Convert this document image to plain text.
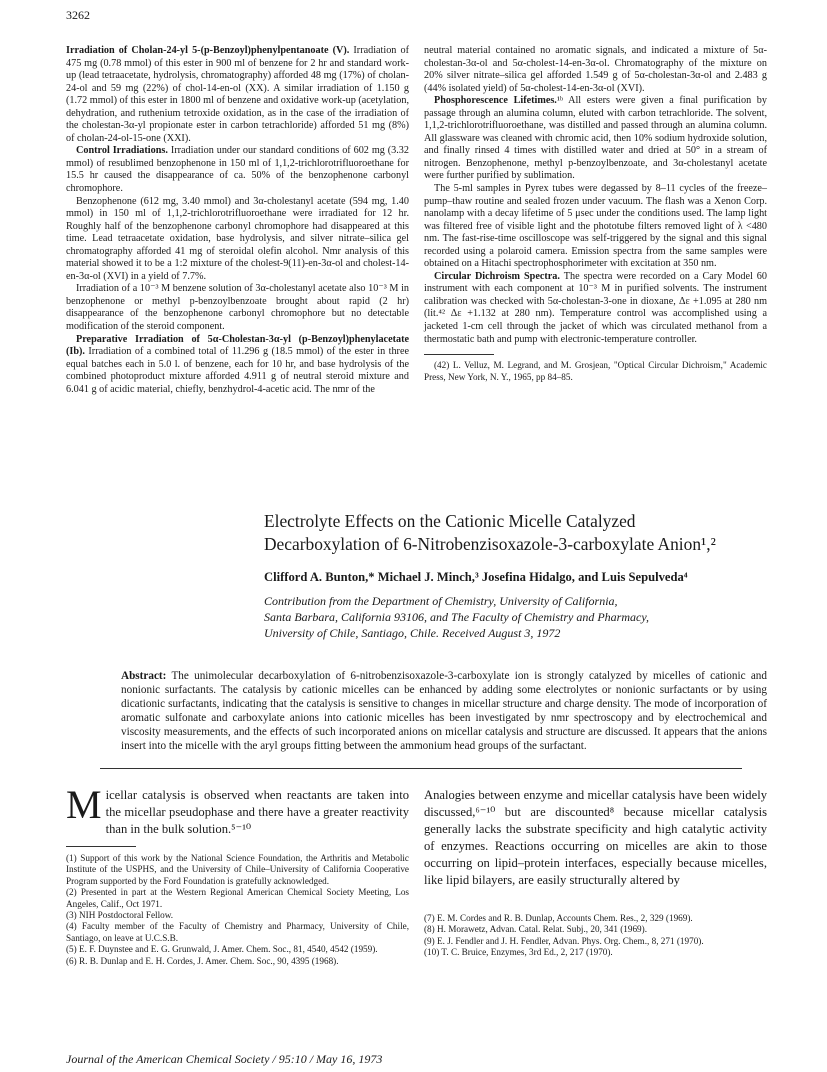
3262

Irradiation of Cholan-24-yl 5-(p-Benzoyl)phenylpentanoate (V). Irradiation of 475 mg (0.78 mmol) of this ester in 900 ml of benzene for 2 hr and standard work-up (lead tetraacetate, hydrolysis, chromatography) afforded 48 mg (17%) of cholan-24-ol and 59 mg (22%) of chol-14-en-ol (XX). A similar irradiation of 1.150 g (1.72 mmol) of this ester in 1800 ml of benzene and oxidative work-up (acetylation, dehydration, and ruthenium tetroxide oxidation, as in the case of the irradiation of the cholestan-3α-yl propionate ester in carbon tetrachloride) afforded 51 mg (8%) of cholan-24-ol-15-one (XXI).

Control Irradiations. Irradiation under our standard conditions of 602 mg (3.32 mmol) of resublimed benzophenone in 150 ml of 1,1,2-trichlorotrifluoroethane for 15.5 hr caused the disappearance of ca. 50% of the benzophenone carbonyl chromophore.

Benzophenone (612 mg, 3.40 mmol) and 3α-cholestanyl acetate (594 mg, 1.40 mmol) in 150 ml of 1,1,2-trichlorotrifluoroethane were irradiated for 12 hr. Roughly half of the benzophenone carbonyl chromophore had disappeared at this time. Lead tetraacetate oxidation, base hydrolysis, and silver nitrate–silica gel chromatography afforded 41 mg of steroidal olefin alcohol. Nmr analysis of this material showed it to be a 1:2 mixture of the cholest-9(11)-en-3α-ol and cholest-14-en-3α-ol (XVI) in a yield of 7.7%.

Irradiation of a 10⁻³ M benzene solution of 3α-cholestanyl acetate also 10⁻³ M in benzophenone or methyl p-benzoylbenzoate brought about rapid (2 hr) disappearance of the benzophenone carbonyl chromophore but no detectable modification of the steroid component.

Preparative Irradiation of 5α-Cholestan-3α-yl (p-Benzoyl)phenylacetate (Ib). Irradiation of a combined total of 11.296 g (18.5 mmol) of the ester in three equal batches each in 5.0 l. of benzene, each for 10 hr, and base hydrolysis of the combined photoproduct mixture afforded 4.911 g of neutral steroid mixture and 6.041 g of acidic material, chiefly, benzhydrol-4-acetic acid. The nmr of the

neutral material contained no aromatic signals, and indicated a mixture of 5α-cholestan-3α-ol and 5α-cholest-14-en-3α-ol. Chromatography of the mixture on 20% silver nitrate–silica gel afforded 1.549 g of 5α-cholestan-3α-ol and 2.483 g (44% isolated yield) of 5α-cholest-14-en-3α-ol (XVI).

Phosphorescence Lifetimes.¹ᵇ All esters were given a final purification by passage through an alumina column, eluted with carbon tetrachloride. The solvent, 1,1,2-trichlorotrifluoroethane, was distilled and passed through an alumina column. All glassware was cleaned with chromic acid, then 10% sodium hydroxide solution, and finally rinsed 4 times with distilled water and dried at 50° in a stream of nitrogen. Benzophenone, methyl p-benzoylbenzoate, and 3α-cholestanyl acetate were further purified by sublimation.

The 5-ml samples in Pyrex tubes were degassed by 8–11 cycles of the freeze–pump–thaw routine and sealed frozen under vacuum. The flash was a Xenon Corp. nanolamp with a decay lifetime of 5 μsec under the conditions used. The lamp light was filtered free of visible light and the phototube filters removed light of λ <480 nm. The fast-rise-time oscilloscope was self-triggered by the signal and this signal recorded using a polaroid camera. Emission spectra from the same samples were obtained on a Hitachi spectrophosphorimeter with excitation at 350 nm.

Circular Dichroism Spectra. The spectra were recorded on a Cary Model 60 instrument with each component at 10⁻³ M in purified solvents. The instrument calibration was checked with 5α-cholestan-3-one in dioxane, Δε +1.095 at 280 nm (lit.⁴² Δε +1.132 at 280 nm). Temperature control was accomplished using a jacketed 1-cm cell through the jacket of which was circulated methanol from a thermostatic bath and pump with electronic-temperature controller.

(42) L. Velluz, M. Legrand, and M. Grosjean, "Optical Circular Dichroism," Academic Press, New York, N. Y., 1965, pp 84–85.

Electrolyte Effects on the Cationic Micelle Catalyzed
Decarboxylation of 6-Nitrobenzisoxazole-3-carboxylate Anion¹,²
Clifford A. Bunton,* Michael J. Minch,³ Josefina Hidalgo, and Luis Sepulveda⁴
Contribution from the Department of Chemistry, University of California,
Santa Barbara, California 93106, and The Faculty of Chemistry and Pharmacy,
University of Chile, Santiago, Chile. Received August 3, 1972
Abstract: The unimolecular decarboxylation of 6-nitrobenzisoxazole-3-carboxylate ion is strongly catalyzed by micelles of cationic and nonionic surfactants. The catalysis by cationic micelles can be enhanced by adding some electrolytes or nonionic surfactants or by using dicationic surfactants, indicating that the catalysis is sensitive to changes in micellar structure and charge density. The mode of incorporation of aromatic sulfonate and carboxylate anions into cationic micelles has been investigated by nmr spectroscopy and by electrochemical and viscosity measurements, and the effects of such incorporated anions on micellar catalysis and structure are discussed. It appears that the anions insert into the micelle with the aryl groups fitting between the ammonium head groups of the surfactant.

Micellar catalysis is observed when reactants are taken into the micellar pseudophase and there have a greater reactivity than in the bulk solution.⁵⁻¹⁰

(1) Support of this work by the National Science Foundation, the Arthritis and Metabolic Institute of the USPHS, and the University of Chile–University of California Cooperative Program supported by the Ford Foundation is gratefully acknowledged.
(2) Presented in part at the Western Regional American Chemical Society Meeting, Los Angeles, Calif., Oct 1971.
(3) NIH Postdoctoral Fellow.
(4) Faculty member of the Faculty of Chemistry and Pharmacy, University of Chile, Santiago, on leave at U.C.S.B.
(5) E. F. Duynstee and E. G. Grunwald, J. Amer. Chem. Soc., 81, 4540, 4542 (1959).
(6) R. B. Dunlap and E. H. Cordes, J. Amer. Chem. Soc., 90, 4395 (1968).

Analogies between enzyme and micellar catalysis have been widely discussed,⁶⁻¹⁰ but are discounted⁸ because micellar catalysis generally lacks the substrate specificity and high catalytic activity of enzymes. Reactions occurring on micelles are akin to those occurring on lipid–protein interfaces, especially because micelles, like lipid bilayers, are easily structurally altered by

(7) E. M. Cordes and R. B. Dunlap, Accounts Chem. Res., 2, 329 (1969).
(8) H. Morawetz, Advan. Catal. Relat. Subj., 20, 341 (1969).
(9) E. J. Fendler and J. H. Fendler, Advan. Phys. Org. Chem., 8, 271 (1970).
(10) T. C. Bruice, Enzymes, 3rd Ed., 2, 217 (1970).
Journal of the American Chemical Society / 95:10 / May 16, 1973
